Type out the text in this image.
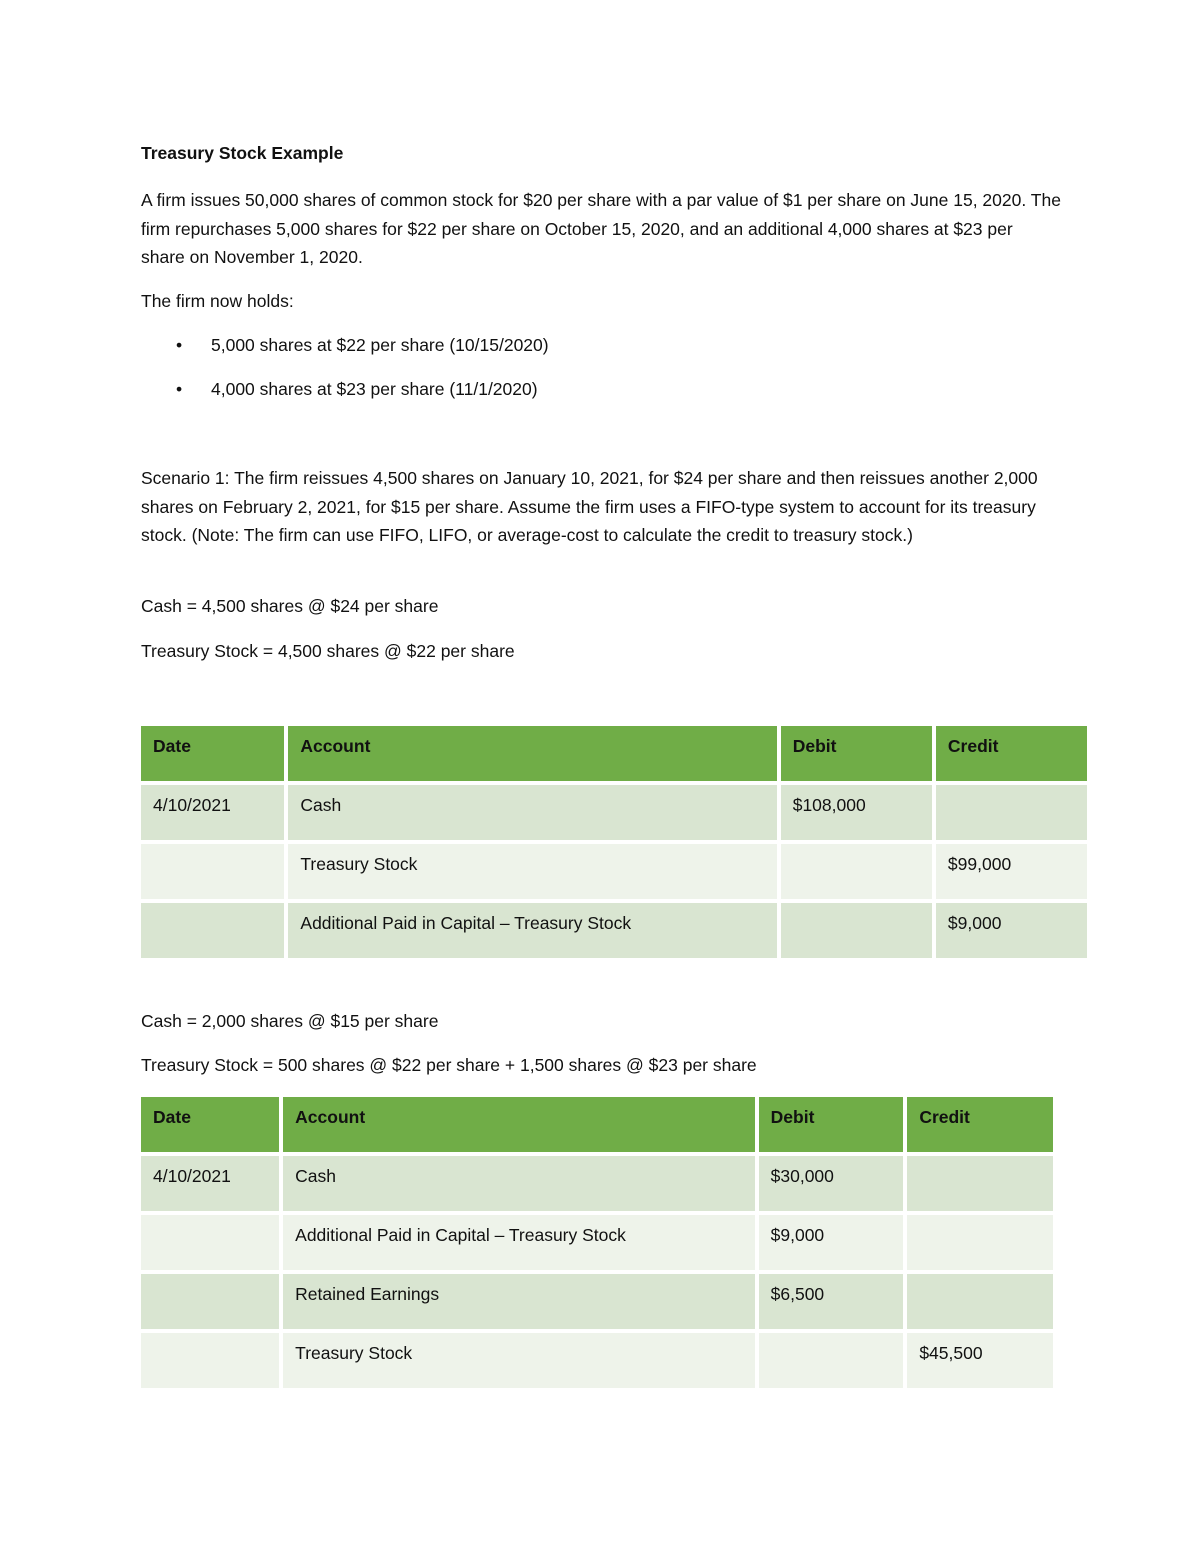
Treasury Stock Example

A firm issues 50,000 shares of common stock for $20 per share with a par value of $1 per share on June 15, 2020. The firm repurchases 5,000 shares for $22 per share on October 15, 2020, and an additional 4,000 shares at $23 per share on November 1, 2020.

The firm now holds:

• 5,000 shares at $22 per share (10/15/2020)
• 4,000 shares at $23 per share (11/1/2020)

Scenario 1: The firm reissues 4,500 shares on January 10, 2021, for $24 per share and then reissues another 2,000 shares on February 2, 2021, for $15 per share. Assume the firm uses a FIFO-type system to account for its treasury stock. (Note: The firm can use FIFO, LIFO, or average-cost to calculate the credit to treasury stock.)

Cash = 4,500 shares @ $24 per share

Treasury Stock = 4,500 shares @ $22 per share

Date	Account	Debit	Credit
4/10/2021	Cash	$108,000	
	Treasury Stock		$99,000
	Additional Paid in Capital – Treasury Stock		$9,000

Cash = 2,000 shares @ $15 per share

Treasury Stock = 500 shares @ $22 per share + 1,500 shares @ $23 per share

Date	Account	Debit	Credit
4/10/2021	Cash	$30,000	
	Additional Paid in Capital – Treasury Stock	$9,000	
	Retained Earnings	$6,500	
	Treasury Stock		$45,500
